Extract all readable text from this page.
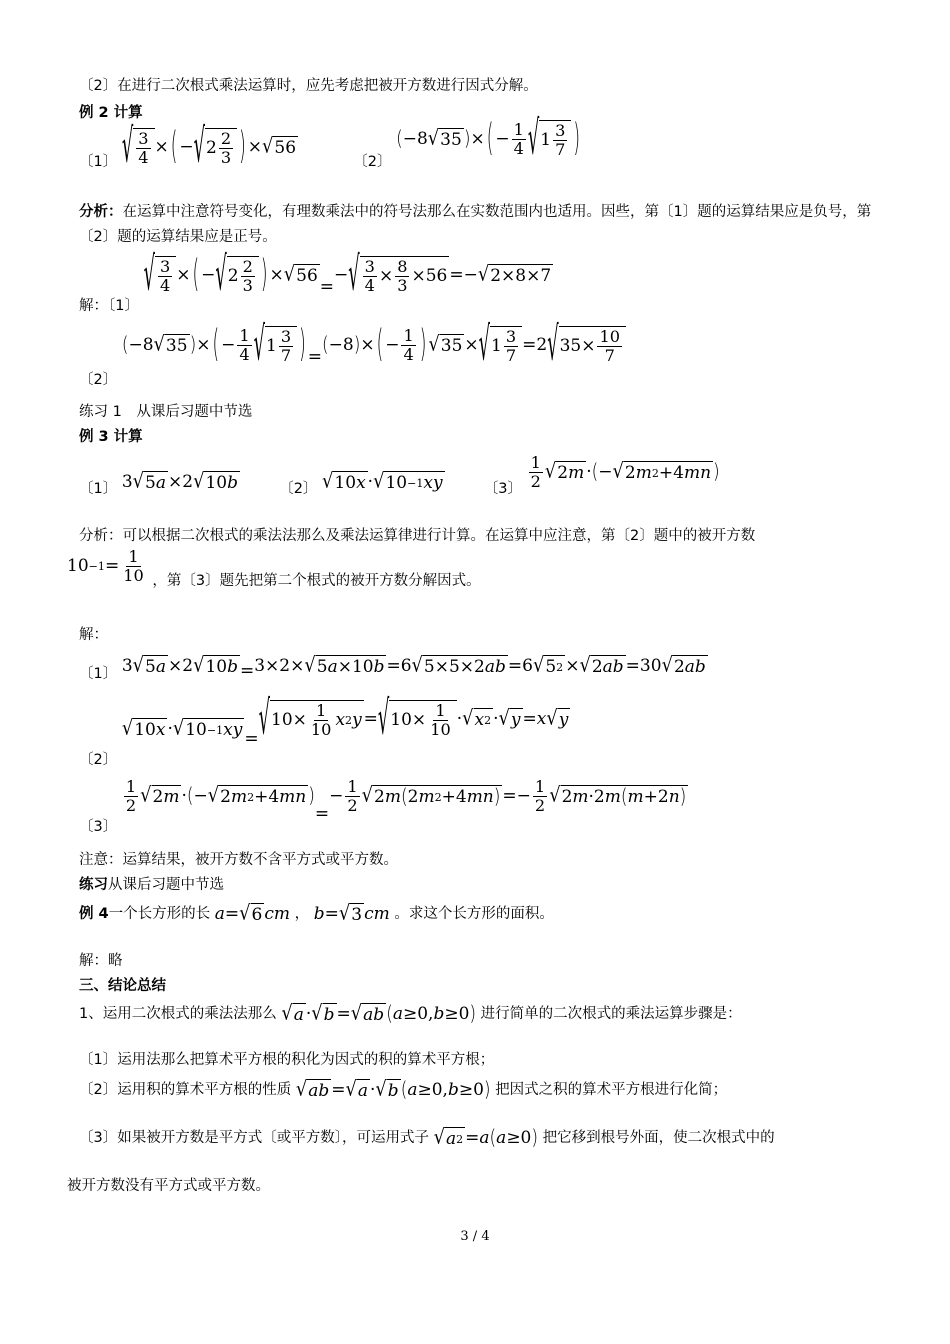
〔2〕在进行二次根式乘法运算时，应先考虑把被开方数进行因式分解。
例 2 计算
〔1〕 √ 3
4 × ( − √ 2 2
3 ) × √ 56
〔2〕
( −8 √ 35 ) × ( − $\frac{1}{4}$ √ 1 3
7 )
分析：在运算中注意符号变化，有理数乘法中的符号法那么在实数范围内也适用。因些，第〔1〕题的运算结果应是负号，第〔2〕题的运算结果应是正号。
解：〔1〕
√ 3
4 × ( − √ 2 2
3 ) × √ 56
=
− √ $\frac{3}{4} \times \frac{8}{3} \times 56$ =− √ 2×8×7
〔2〕
( −8 √ 35 ) × ( − $\frac{1}{4}$ √ 1 3
7 ) =
( −8 ) × ( − $\frac{1}{4}$ ) √ 35 × √ 1 3
7 =2 √ $35\times \frac{10}{7}$
练习 1　从课后习题中节选
例 3 计算
〔1〕 3 √ 5 a ×2 √ 10 b	〔2〕 √ 10 x · √ 10 −1 xy	〔3〕
1
2 √ 2 m · ( − √ 2 m 2 +4 mn )
分析：可以根据二次根式的乘法法那么及乘法运算律进行计算。在运算中应注意，第〔2〕题中的被开方数
$10 -1 = \frac{1}{10}$ ，第〔3〕题先把第二个根式的被开方数分解因式。
解：
〔1〕 3 √ 5 a ×2 √ 10 b = 3×2× √ 5 a ×10 b =6 √ 5×5×2 ab =6 √ 5 2 × √ 2 ab =30 √ 2 ab
〔2〕
√ 10 x · √ 10 −1 xy = √ $10\times \frac{1}{10}$ x 2 y = √ $10\times \frac{1}{10}$ · √ x 2 · √ y = x √ y
〔3〕
1
2 √ 2 m · ( − √ 2 m 2 +4 mn )
=
− $\frac{1}{2}$ √ 2 m ( 2 m 2 +4 mn ) =− $\frac{1}{2}$ √ 2 m ·2 m ( m +2 n )
注意：运算结果，被开方数不含平方式或平方数。
练习从课后习题中节选
例 4一个长方形的长 a = √ 6 cm ， b = √ 3 cm 。求这个长方形的面积。
解：略
三、结论总结
1、运用二次根式的乘法法那么 √ a · √ b = √ ab ( a ≥0 , b ≥0 ) 进行简单的二次根式的乘法运算步骤是：
〔1〕运用法那么把算术平方根的积化为因式的积的算术平方根；
〔2〕运用积的算术平方根的性质 √ ab = √ a · √ b ( a ≥0 , b ≥0 ) 把因式之积的算术平方根进行化简；
〔3〕如果被开方数是平方式〔或平方数〕，可运用式子 √ a 2 = a ( a ≥0 ) 把它移到根号外面，使二次根式中的
被开方数没有平方式或平方数。
3 / 4
